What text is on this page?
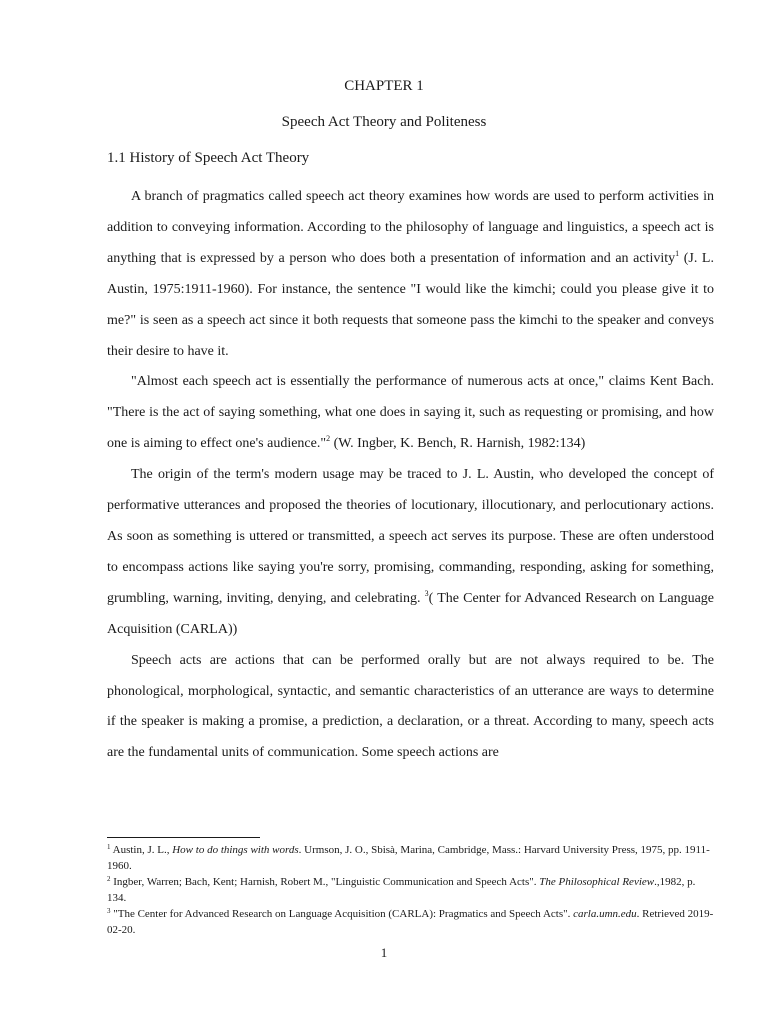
CHAPTER 1
Speech Act Theory and Politeness
1.1 History of Speech Act Theory

A branch of pragmatics called speech act theory examines how words are used to perform activities in addition to conveying information. According to the philosophy of language and linguistics, a speech act is anything that is expressed by a person who does both a presentation of information and an activity$^1$ (J. L. Austin, 1975:1911-1960). For instance, the sentence "I would like the kimchi; could you please give it to me?" is seen as a speech act since it both requests that someone pass the kimchi to the speaker and conveys their desire to have it.

"Almost each speech act is essentially the performance of numerous acts at once," claims Kent Bach. "There is the act of saying something, what one does in saying it, such as requesting or promising, and how one is aiming to effect one's audience."$^2$ (W. Ingber, K. Bench, R. Harnish, 1982:134)

The origin of the term's modern usage may be traced to J. L. Austin, who developed the concept of performative utterances and proposed the theories of locutionary, illocutionary, and perlocutionary actions. As soon as something is uttered or transmitted, a speech act serves its purpose. These are often understood to encompass actions like saying you're sorry, promising, commanding, responding, asking for something, grumbling, warning, inviting, denying, and celebrating. $^3$( The Center for Advanced Research on Language Acquisition (CARLA))

Speech acts are actions that can be performed orally but are not always required to be. The phonological, morphological, syntactic, and semantic characteristics of an utterance are ways to determine if the speaker is making a promise, a prediction, a declaration, or a threat. According to many, speech acts are the fundamental units of communication. Some speech actions are

$^1$ Austin, J. L., How to do things with words. Urmson, J. O., Sbisà, Marina, Cambridge, Mass.: Harvard University Press, 1975, pp. 1911-1960.

$^2$ Ingber, Warren; Bach, Kent; Harnish, Robert M., "Linguistic Communication and Speech Acts". The Philosophical Review.,1982, p. 134.

$^3$ "The Center for Advanced Research on Language Acquisition (CARLA): Pragmatics and Speech Acts". carla.umn.edu. Retrieved 2019-02-20.

1
